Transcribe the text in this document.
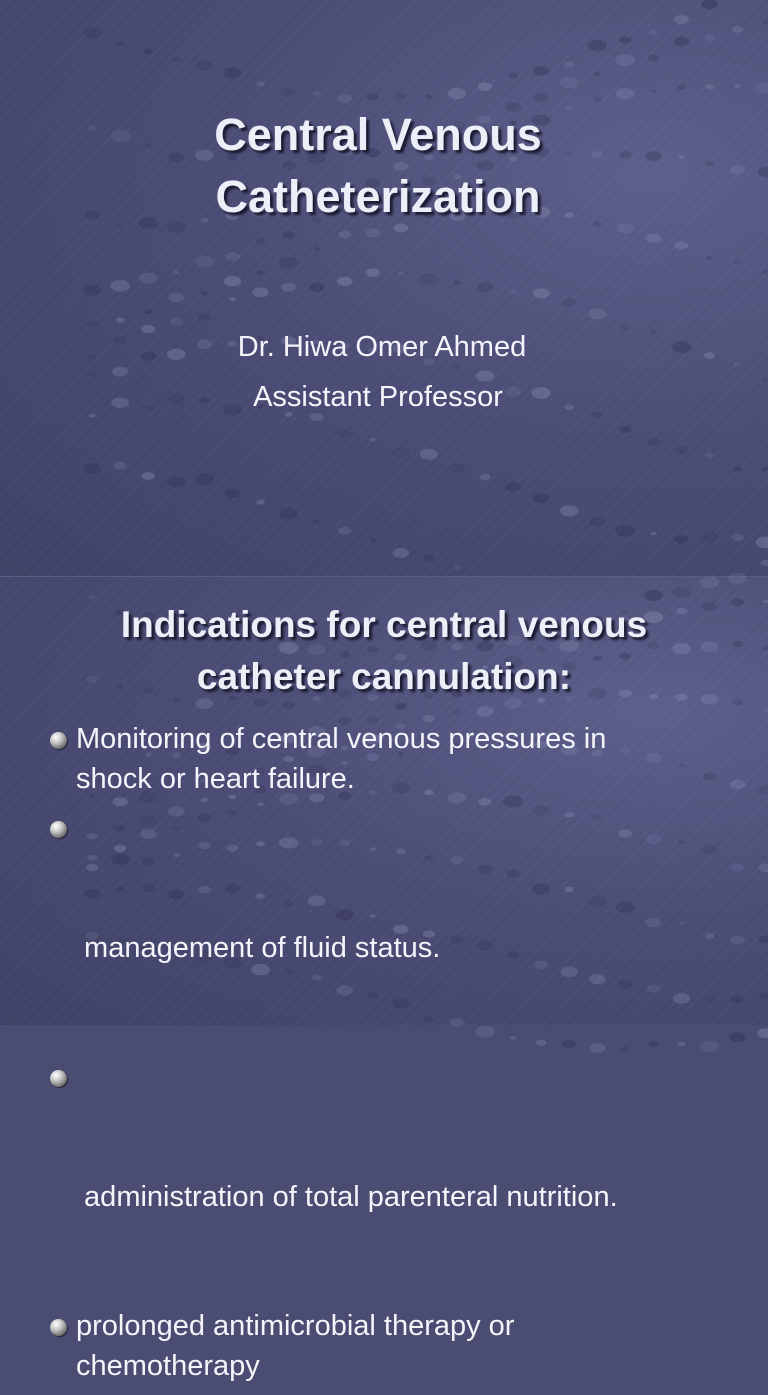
Central Venous
Catheterization
Dr. Hiwa Omer Ahmed
Assistant Professor
Indications for central venous
catheter cannulation:
Monitoring of central venous pressures in
shock or heart failure.

management of fluid status.

administration of total parenteral nutrition.

prolonged antimicrobial therapy or
chemotherapy
